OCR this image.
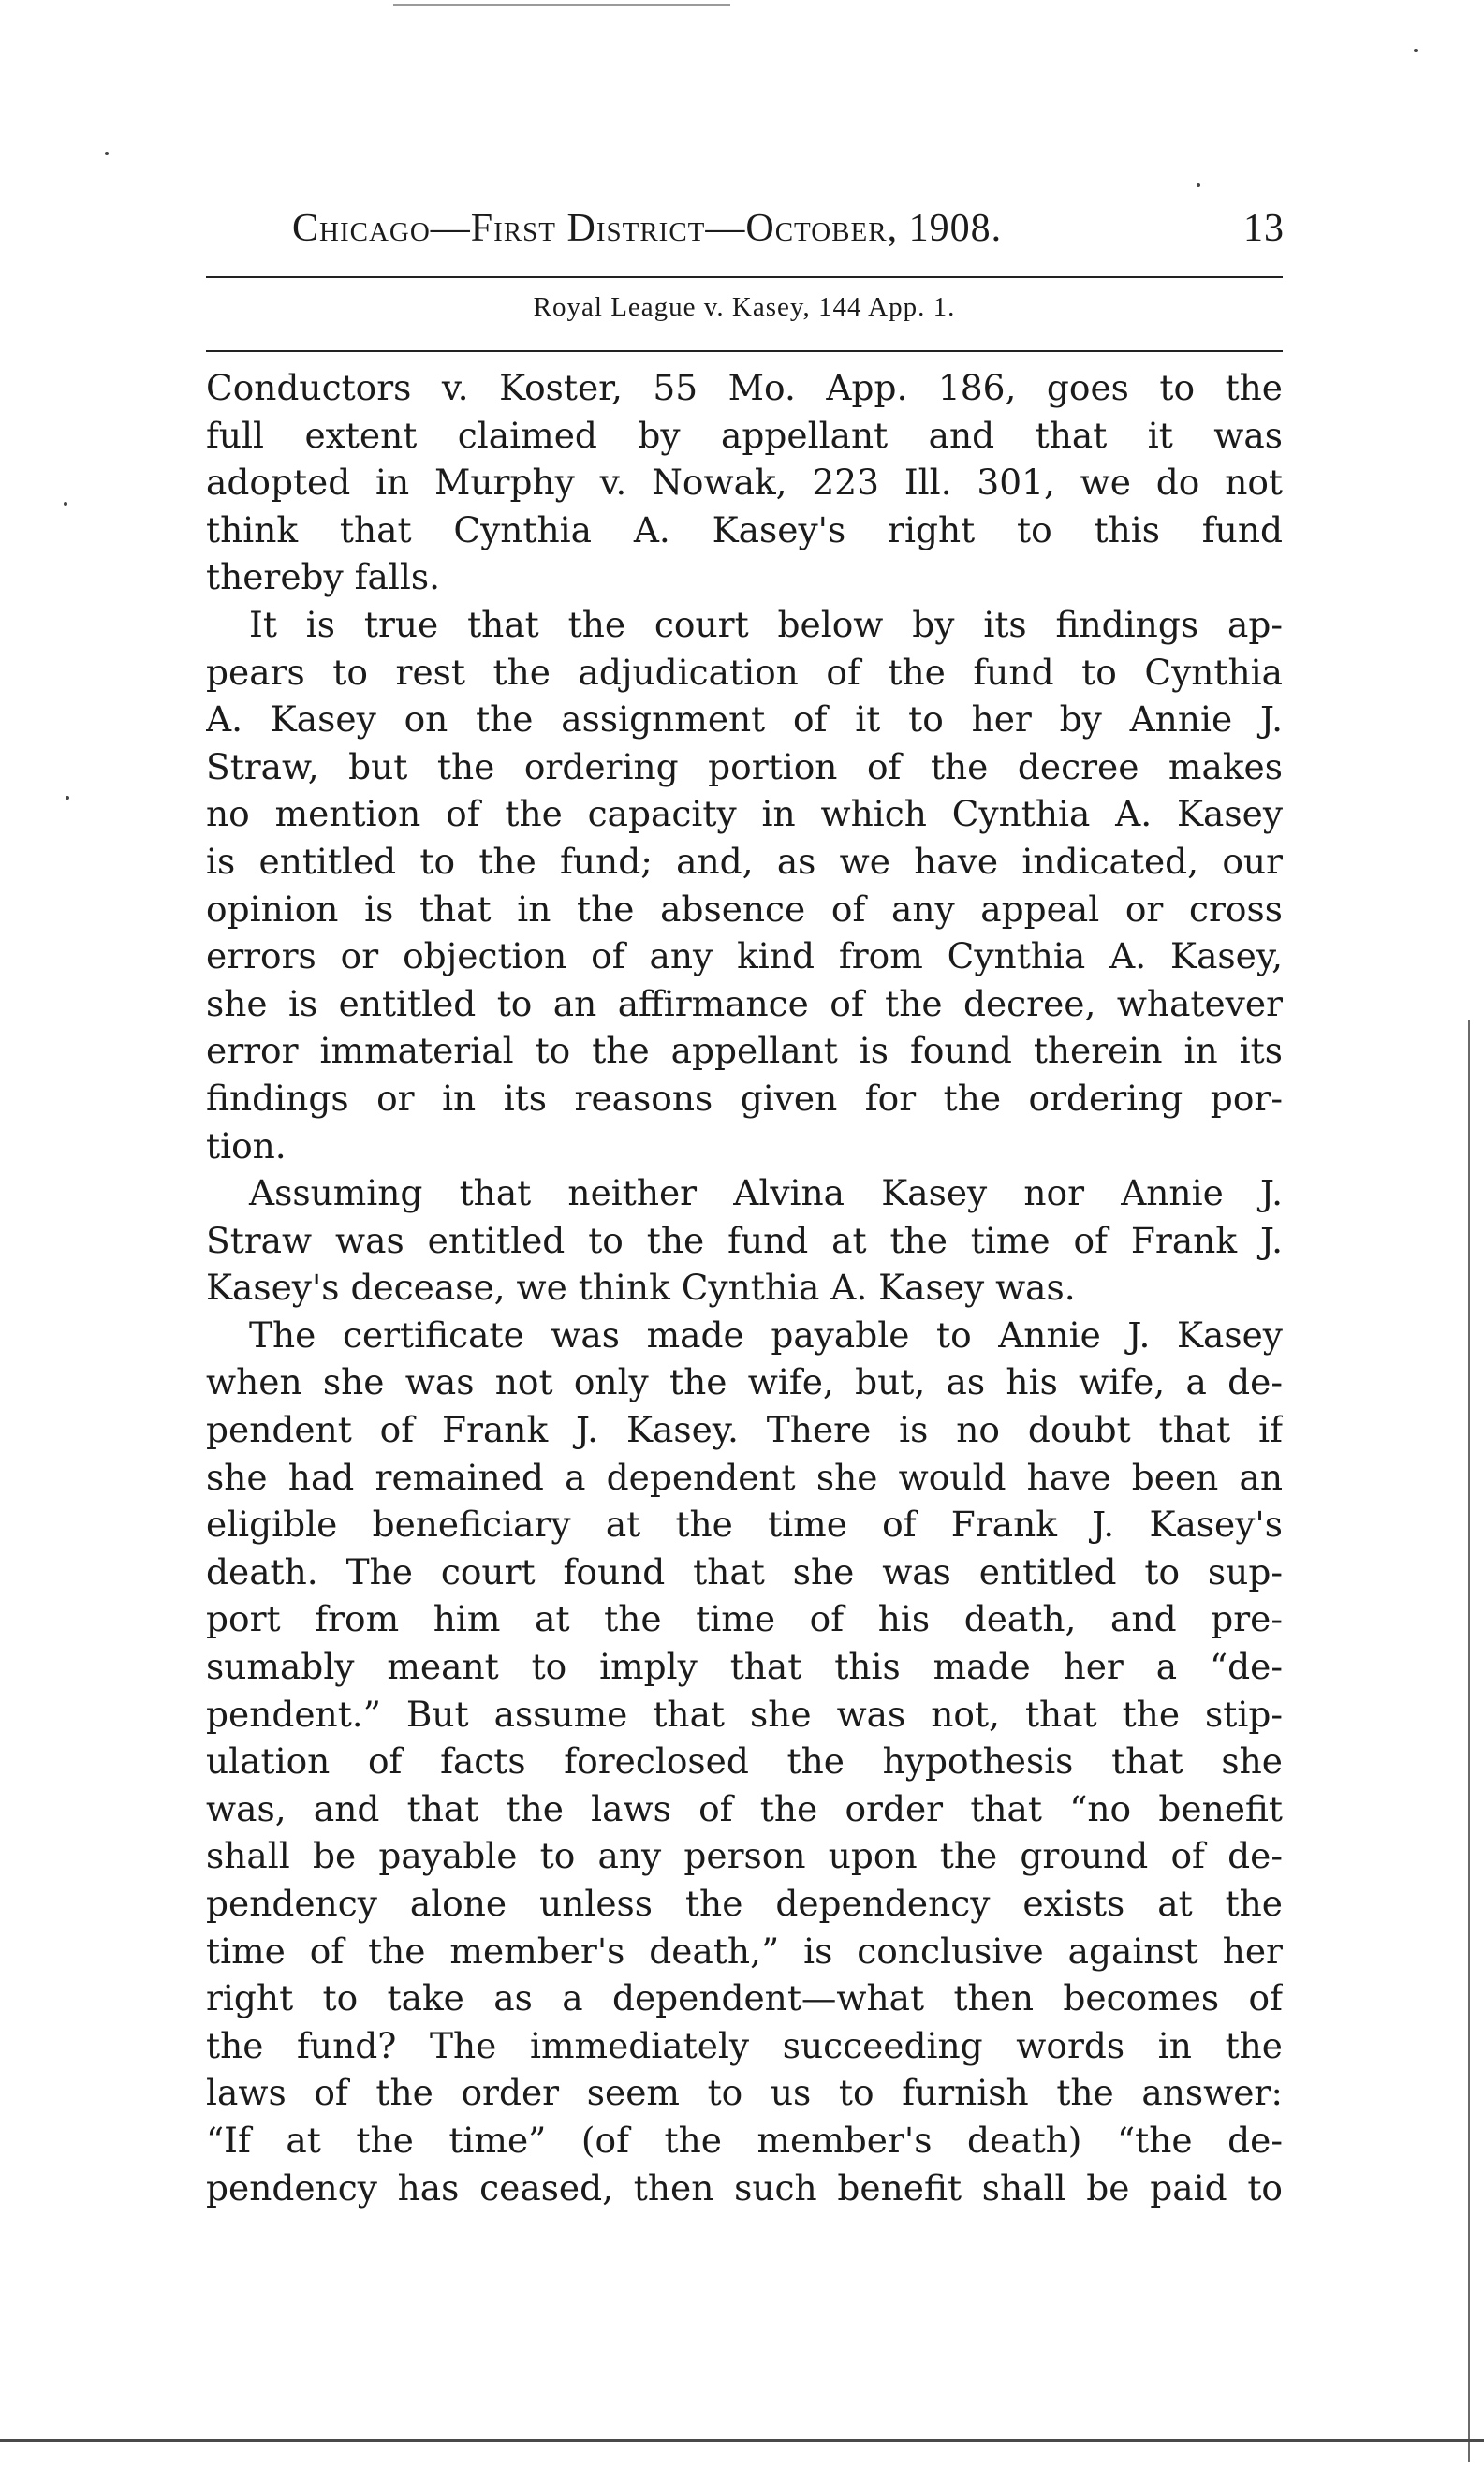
Chicago—First District—October, 1908.	13
Royal League v. Kasey, 144 App. 1.
Conductors v. Koster, 55 Mo. App. 186, goes to the
full extent claimed by appellant and that it was
adopted in Murphy v. Nowak, 223 Ill. 301, we do not
think that Cynthia A. Kasey's right to this fund
thereby falls.
It is true that the court below by its findings ap-
pears to rest the adjudication of the fund to Cynthia
A. Kasey on the assignment of it to her by Annie J.
Straw, but the ordering portion of the decree makes
no mention of the capacity in which Cynthia A. Kasey
is entitled to the fund; and, as we have indicated, our
opinion is that in the absence of any appeal or cross
errors or objection of any kind from Cynthia A. Kasey,
she is entitled to an affirmance of the decree, whatever
error immaterial to the appellant is found therein in its
findings or in its reasons given for the ordering por-
tion.
Assuming that neither Alvina Kasey nor Annie J.
Straw was entitled to the fund at the time of Frank J.
Kasey's decease, we think Cynthia A. Kasey was.
The certificate was made payable to Annie J. Kasey
when she was not only the wife, but, as his wife, a de-
pendent of Frank J. Kasey. There is no doubt that if
she had remained a dependent she would have been an
eligible beneficiary at the time of Frank J. Kasey's
death. The court found that she was entitled to sup-
port from him at the time of his death, and pre-
sumably meant to imply that this made her a “de-
pendent.” But assume that she was not, that the stip-
ulation of facts foreclosed the hypothesis that she
was, and that the laws of the order that “no benefit
shall be payable to any person upon the ground of de-
pendency alone unless the dependency exists at the
time of the member's death,” is conclusive against her
right to take as a dependent—what then becomes of
the fund? The immediately succeeding words in the
laws of the order seem to us to furnish the answer:
“If at the time” (of the member's death) “the de-
pendency has ceased, then such benefit shall be paid to
